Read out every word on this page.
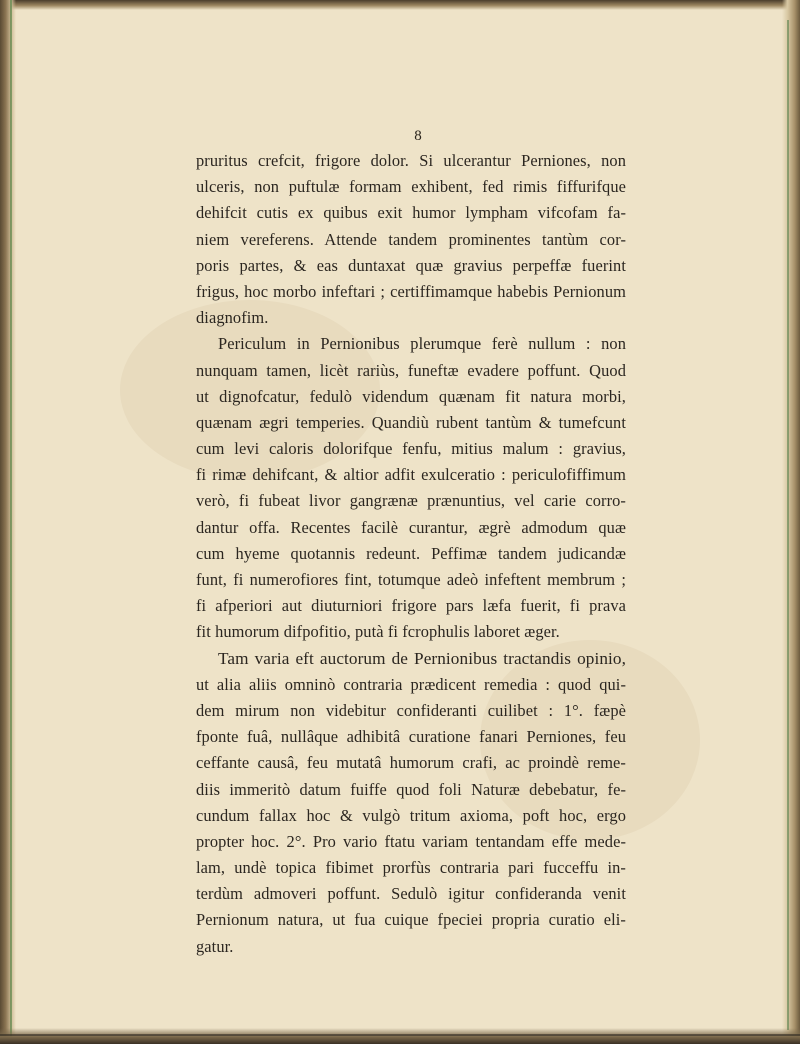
8
pruritus crefcit, frigore dolor. Si ulcerantur Perniones, non
ulceris, non puftulæ formam exhibent, fed rimis fiffurifque
dehifcit cutis ex quibus exit humor lympham vifcofam fa-
niem vereferens. Attende tandem prominentes tantùm cor-
poris partes, & eas duntaxat quæ gravius perpeffæ fuerint
frigus, hoc morbo infeftari ; certiffimamque habebis Pernionum
diagnofim.
Periculum in Pernionibus plerumque ferè nullum : non
nunquam tamen, licèt rariùs, funeftæ evadere poffunt. Quod
ut dignofcatur, fedulò videndum quænam fit natura morbi,
quænam ægri temperies. Quandiù rubent tantùm & tumefcunt
cum levi caloris dolorifque fenfu, mitius malum : gravius,
fi rimæ dehifcant, & altior adfit exulceratio : periculofiffimum
verò, fi fubeat livor gangrænæ prænuntius, vel carie corro-
dantur offa. Recentes facilè curantur, ægrè admodum quæ
cum hyeme quotannis redeunt. Peffimæ tandem judicandæ
funt, fi numerofiores fint, totumque adeò infeftent membrum ;
fi afperiori aut diuturniori frigore pars læfa fuerit, fi prava
fit humorum difpofitio, putà fi fcrophulis laboret æger.
Tam varia eft auctorum de Pernionibus tractandis opinio,
ut alia aliis omninò contraria prædicent remedia : quod qui-
dem mirum non videbitur confideranti cuilibet : 1°. fæpè
fponte fuâ, nullâque adhibitâ curatione fanari Perniones, feu
ceffante causâ, feu mutatâ humorum crafi, ac proindè reme-
diis immeritò datum fuiffe quod foli Naturæ debebatur, fe-
cundum fallax hoc & vulgò tritum axioma, poft hoc, ergo
propter hoc. 2°. Pro vario ftatu variam tentandam effe mede-
lam, undè topica fibimet prorfùs contraria pari fucceffu in-
terdùm admoveri poffunt. Sedulò igitur confideranda venit
Pernionum natura, ut fua cuique fpeciei propria curatio eli-
gatur.
